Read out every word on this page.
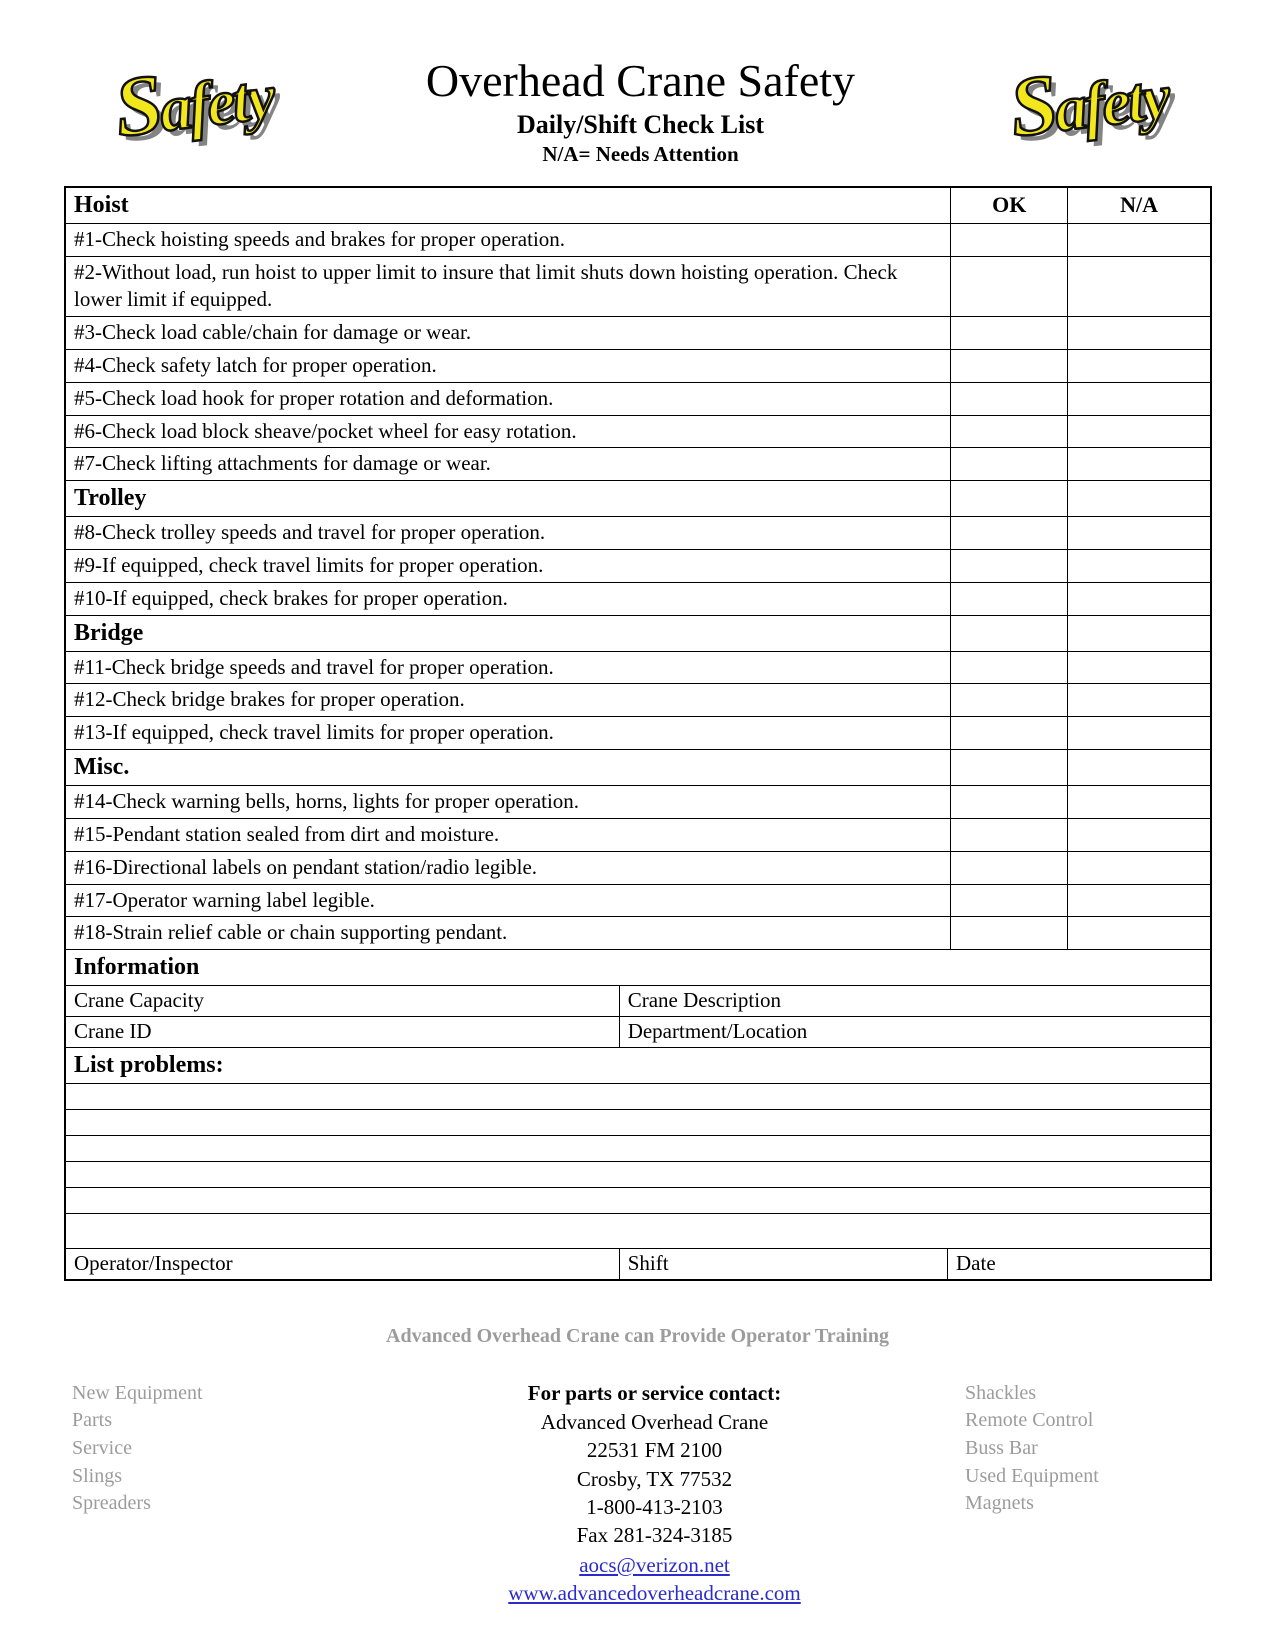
Safety	Overhead Crane Safety
Daily/Shift Check List
N/A= Needs Attention	Safety
Hoist	OK	N/A
#1-Check hoisting speeds and brakes for proper operation.
#2-Without load, run hoist to upper limit to insure that limit shuts down hoisting operation. Check lower limit if equipped.
#3-Check load cable/chain for damage or wear.
#4-Check safety latch for proper operation.
#5-Check load hook for proper rotation and deformation.
#6-Check load block sheave/pocket wheel for easy rotation.
#7-Check lifting attachments for damage or wear.
Trolley
#8-Check trolley speeds and travel for proper operation.
#9-If equipped, check travel limits for proper operation.
#10-If equipped, check brakes for proper operation.
Bridge
#11-Check bridge speeds and travel for proper operation.
#12-Check bridge brakes for proper operation.
#13-If equipped, check travel limits for proper operation.
Misc.
#14-Check warning bells, horns, lights for proper operation.
#15-Pendant station sealed from dirt and moisture.
#16-Directional labels on pendant station/radio legible.
#17-Operator warning label legible.
#18-Strain relief cable or chain supporting pendant.
Information
Crane Capacity	Crane Description
Crane ID	Department/Location
List problems:
Operator/Inspector	Shift	Date
Advanced Overhead Crane can Provide Operator Training
New Equipment
Parts
Service
Slings
Spreaders
For parts or service contact:
Advanced Overhead Crane
22531 FM 2100
Crosby, TX 77532
1-800-413-2103
Fax 281-324-3185
aocs@verizon.net
www.advancedoverheadcrane.com
Shackles
Remote Control
Buss Bar
Used Equipment
Magnets
